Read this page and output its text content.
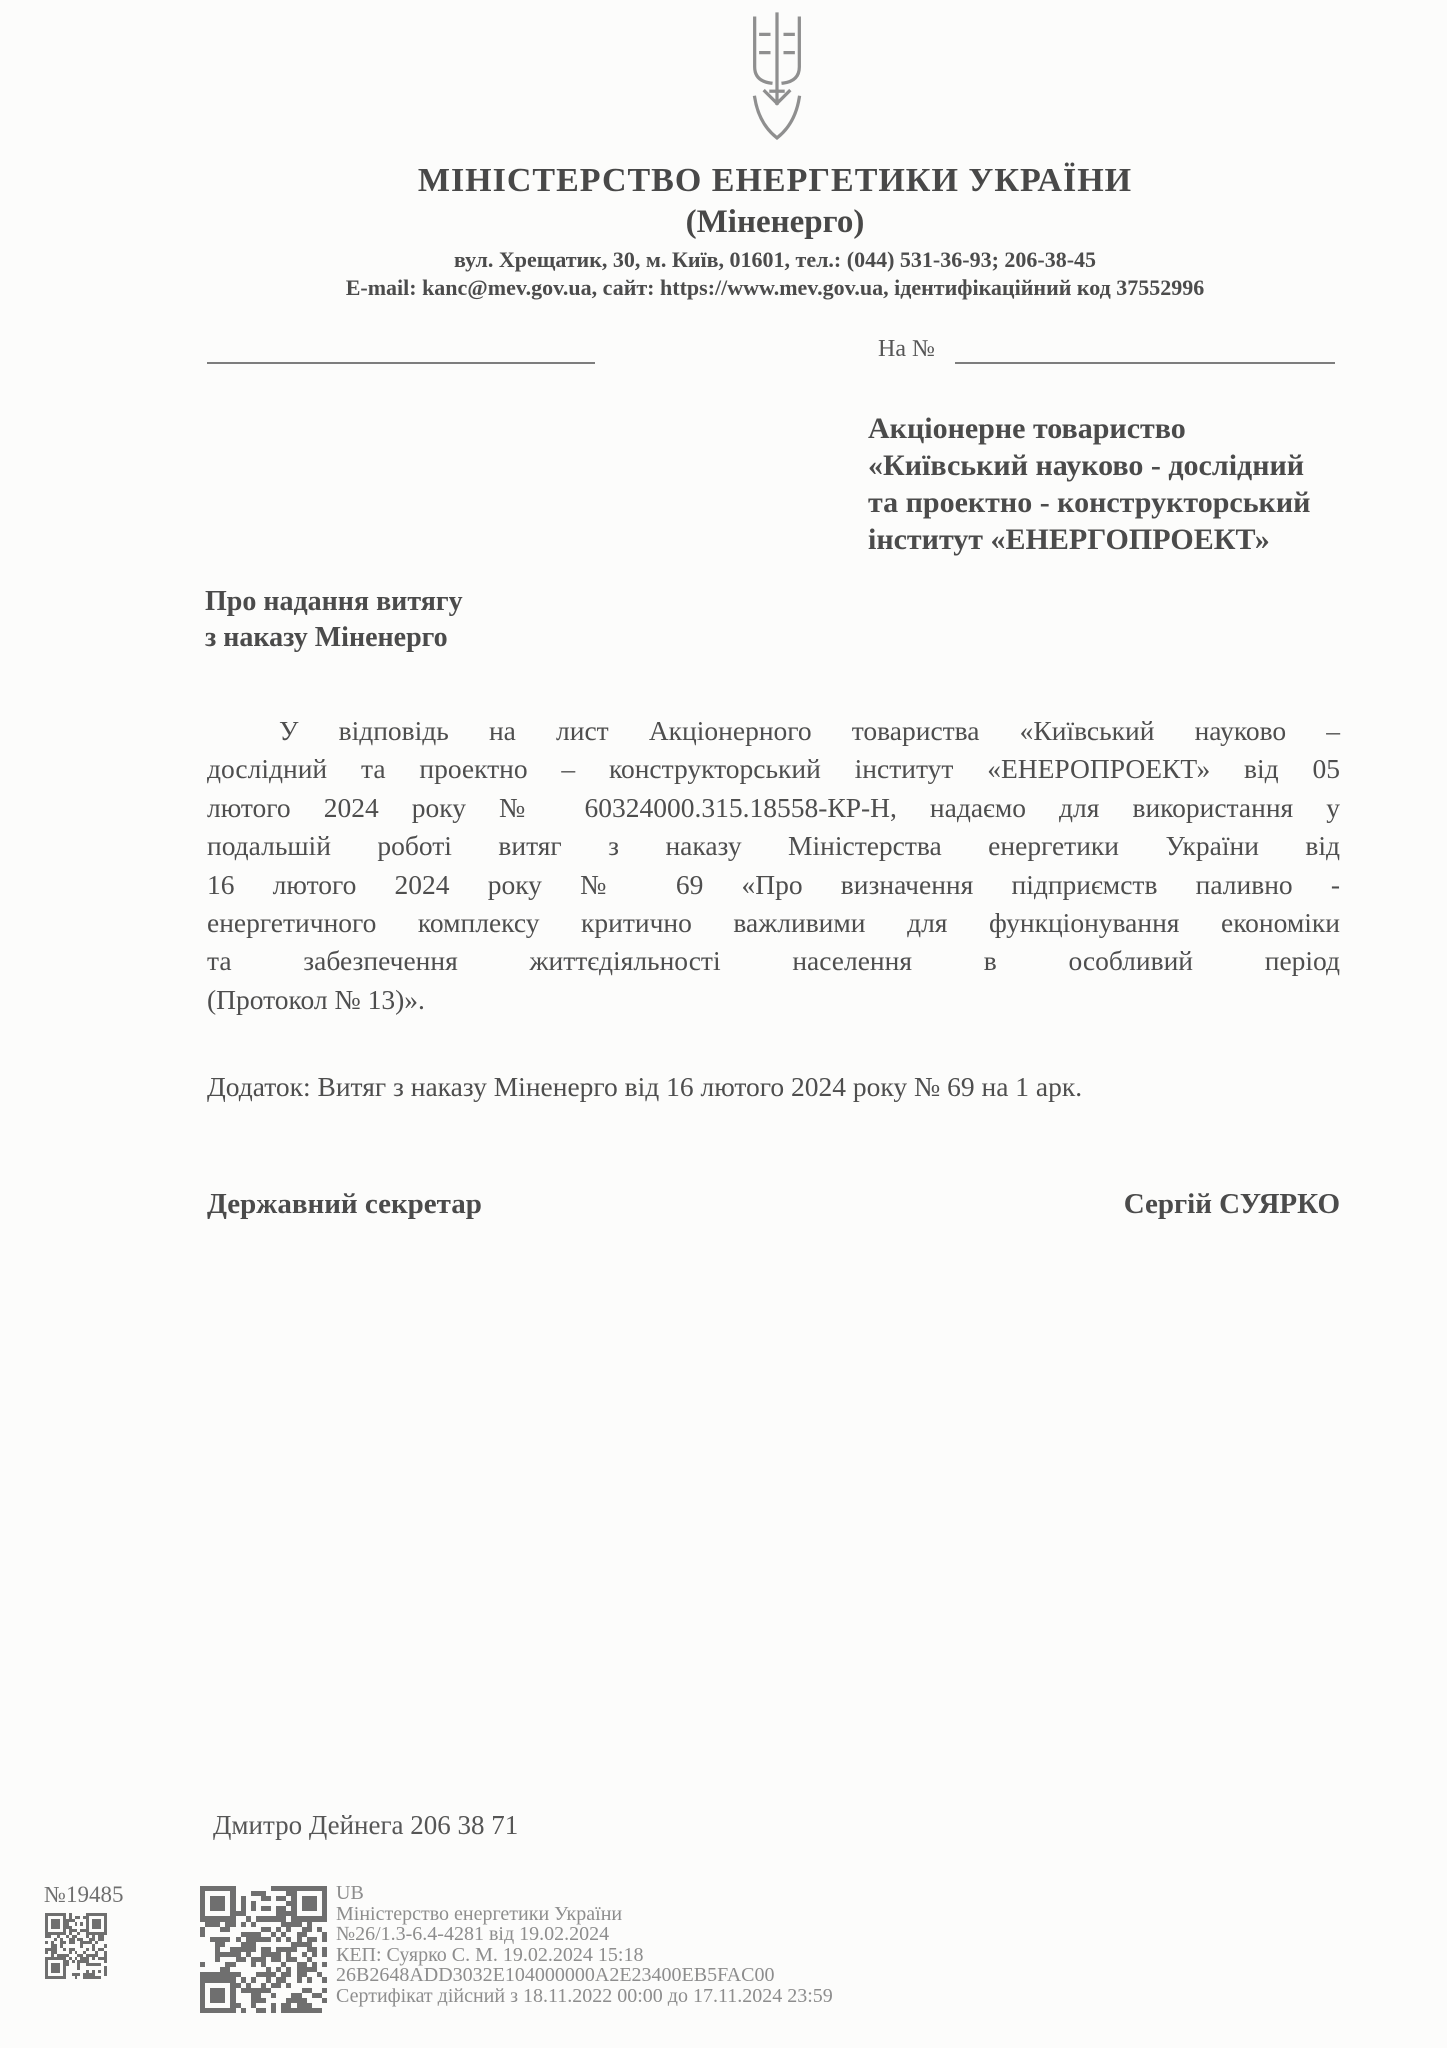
МІНІСТЕРСТВО ЕНЕРГЕТИКИ УКРАЇНИ
(Міненерго)
вул. Хрещатик, 30, м. Київ, 01601, тел.: (044) 531-36-93; 206-38-45
E-mail: kanc@mev.gov.ua, сайт: https://www.mev.gov.ua, ідентифікаційний код 37552996
На №
Акціонерне товариство
«Київський науково - дослідний
та проектно - конструкторський
інститут «ЕНЕРГОПРОЕКТ»
Про надання витягу
з наказу Міненерго
У відповідь на лист Акціонерного товариства «Київський науково –
дослідний та проектно – конструкторський інститут «ЕНЕРОПРОЕКТ» від 05
лютого 2024 року № 60324000.315.18558-КР-Н, надаємо для використання у
подальшій роботі витяг з наказу Міністерства енергетики України від
16 лютого 2024 року № 69 «Про визначення підприємств паливно -
енергетичного комплексу критично важливими для функціонування економіки
та забезпечення життєдіяльності населення в особливий період
(Протокол № 13)».
Додаток: Витяг з наказу Міненерго від 16 лютого 2024 року № 69 на 1 арк.
Державний секретар	Сергій СУЯРКО
Дмитро Дейнега 206 38 71
№19485	UB
Міністерство енергетики України
№26/1.3-6.4-4281 від 19.02.2024
КЕП: Суярко С. М. 19.02.2024 15:18
26B2648ADD3032E104000000A2E23400EB5FAC00
Сертифікат дійсний з 18.11.2022 00:00 до 17.11.2024 23:59
